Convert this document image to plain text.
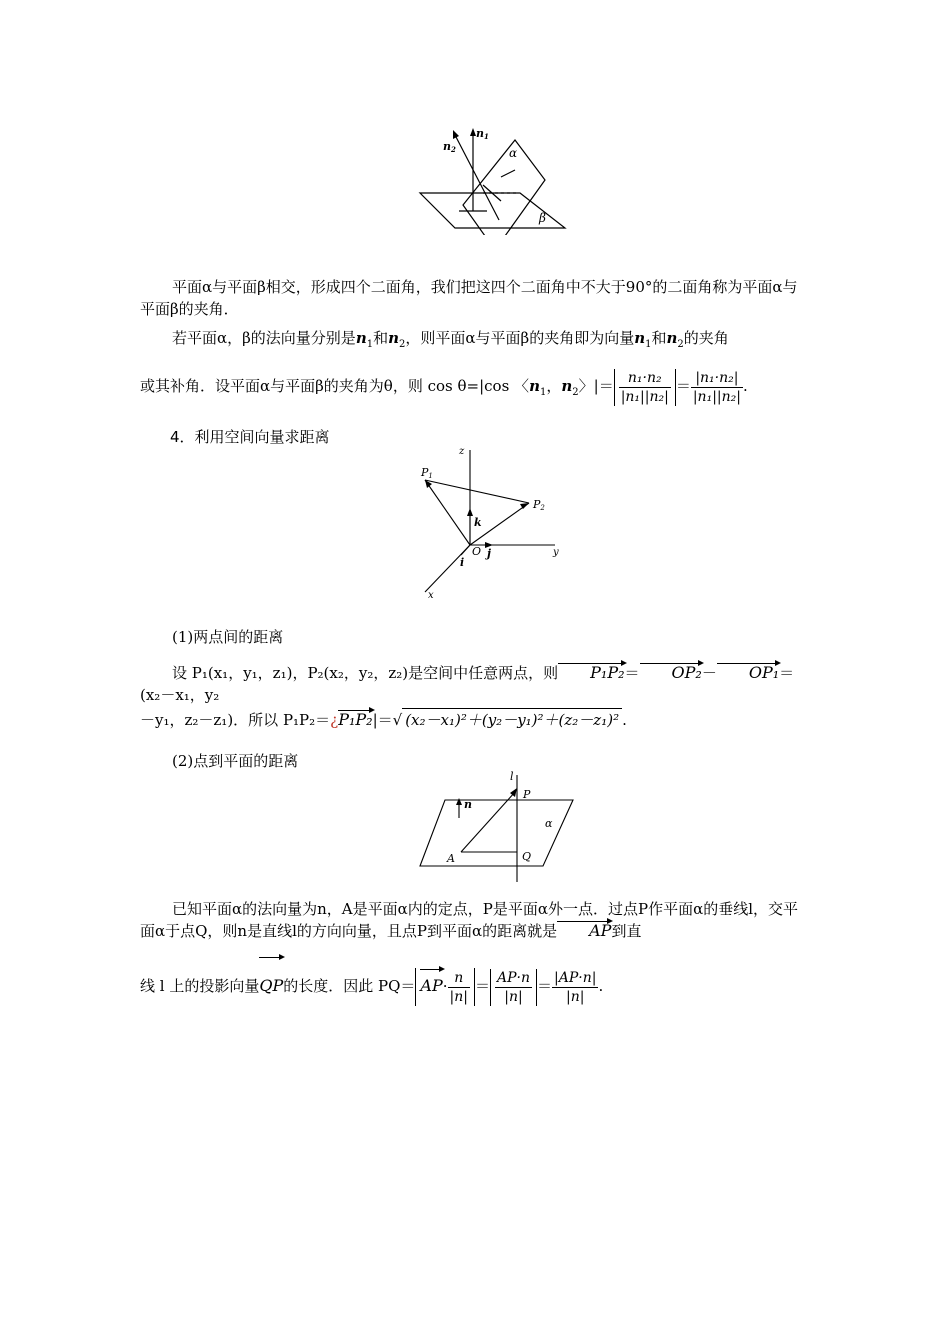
n1
n2	α
β
平面α与平面β相交，形成四个二面角，我们把这四个二面角中不大于90°的二面角称为平面α与平面β的夹角．
若平面α，β的法向量分别是$n_1$和$n_2$，则平面α与平面β的夹角即为向量$n_1$和$n_2$的夹角
或其补角．设平面α与平面β的夹角为θ，则 cos θ=|cos 〈$n_1$，$n_2$〉|＝ $\frac{\text{n₁·n₂}}{\text{|n₁||n₂|}} = \frac{\text{|n₁·n₂|}}{\text{|n₁||n₂|}}$ .
4．利用空间向量求距离
z
y
x
O
P1
P2
k
j
i
(1)两点间的距离
设 P₁(x₁，y₁，z₁)，P₂(x₂，y₂，z₂)是空间中任意两点，则 P₁P₂＝ OP₂－ OP₁＝(x₂－x₁，y₂
－y₁，z₂－z₁)．所以 P₁P₂＝¿P₁P₂|＝√ (x₂－x₁)²＋(y₂－y₁)²＋(z₂－z₁)² .
(2)点到平面的距离
l
P
n
α
A	Q
已知平面α的法向量为n，A是平面α内的定点，P是平面α外一点．过点P作平面α的垂线l，交平面α于点Q，则n是直线l的方向向量，且点P到平面α的距离就是 AP到直
线 l 上的投影向量QP的长度．因此 $PQ= AP\cdot \frac{n}{|n|} = \frac{AP\cdot n}{|n|} = \frac{|AP\cdot n|}{|n|}$ .
